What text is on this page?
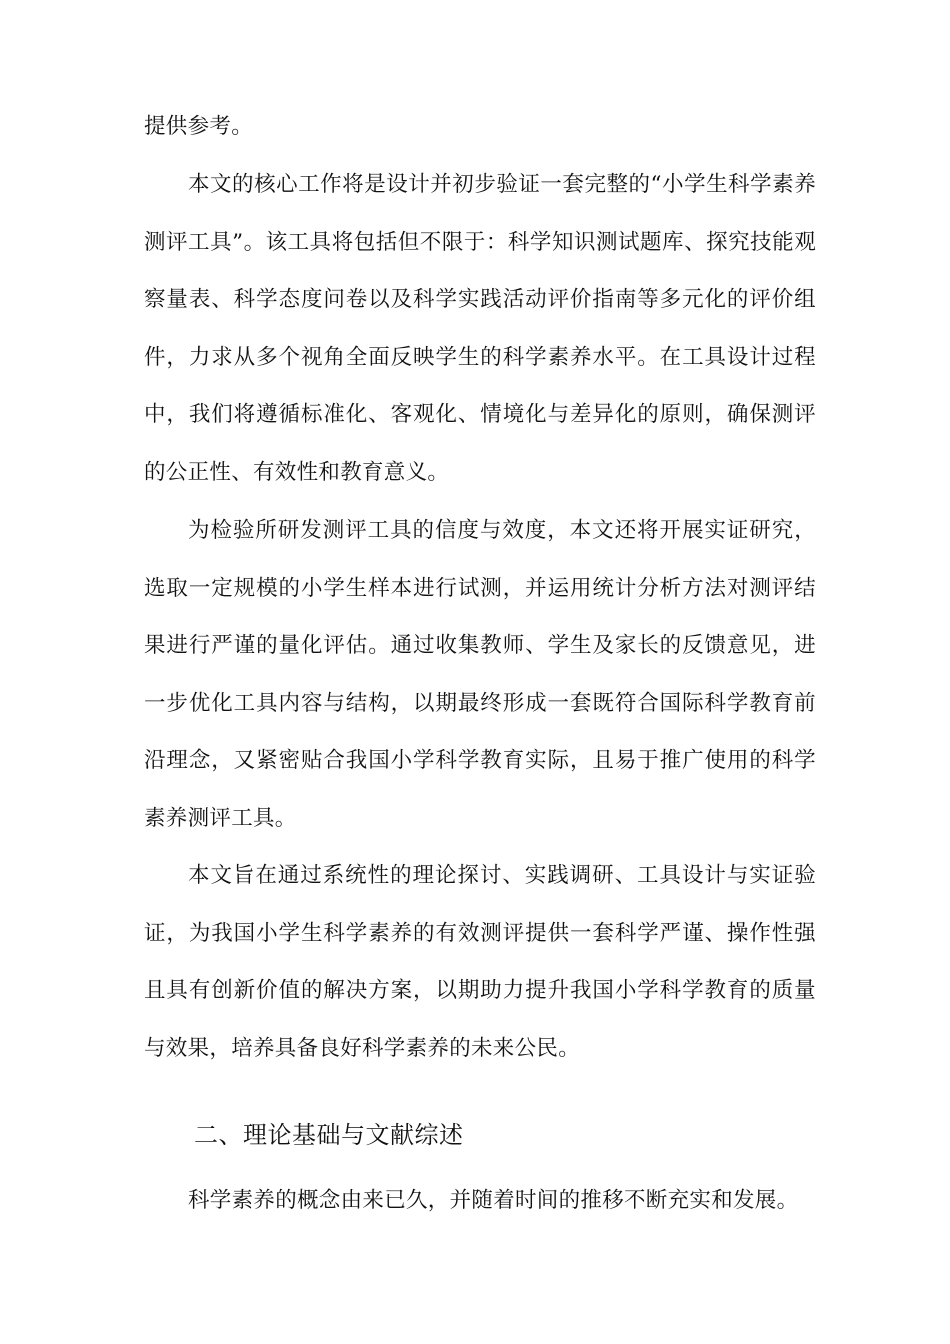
提供参考。

本文的核心工作将是设计并初步验证一套完整的“小学生科学素养测评工具”。该工具将包括但不限于：科学知识测试题库、探究技能观察量表、科学态度问卷以及科学实践活动评价指南等多元化的评价组件，力求从多个视角全面反映学生的科学素养水平。在工具设计过程中，我们将遵循标准化、客观化、情境化与差异化的原则，确保测评的公正性、有效性和教育意义。

为检验所研发测评工具的信度与效度，本文还将开展实证研究，选取一定规模的小学生样本进行试测，并运用统计分析方法对测评结果进行严谨的量化评估。通过收集教师、学生及家长的反馈意见，进一步优化工具内容与结构，以期最终形成一套既符合国际科学教育前沿理念，又紧密贴合我国小学科学教育实际，且易于推广使用的科学素养测评工具。

本文旨在通过系统性的理论探讨、实践调研、工具设计与实证验证，为我国小学生科学素养的有效测评提供一套科学严谨、操作性强且具有创新价值的解决方案，以期助力提升我国小学科学教育的质量与效果，培养具备良好科学素养的未来公民。

二、理论基础与文献综述

科学素养的概念由来已久，并随着时间的推移不断充实和发展。
